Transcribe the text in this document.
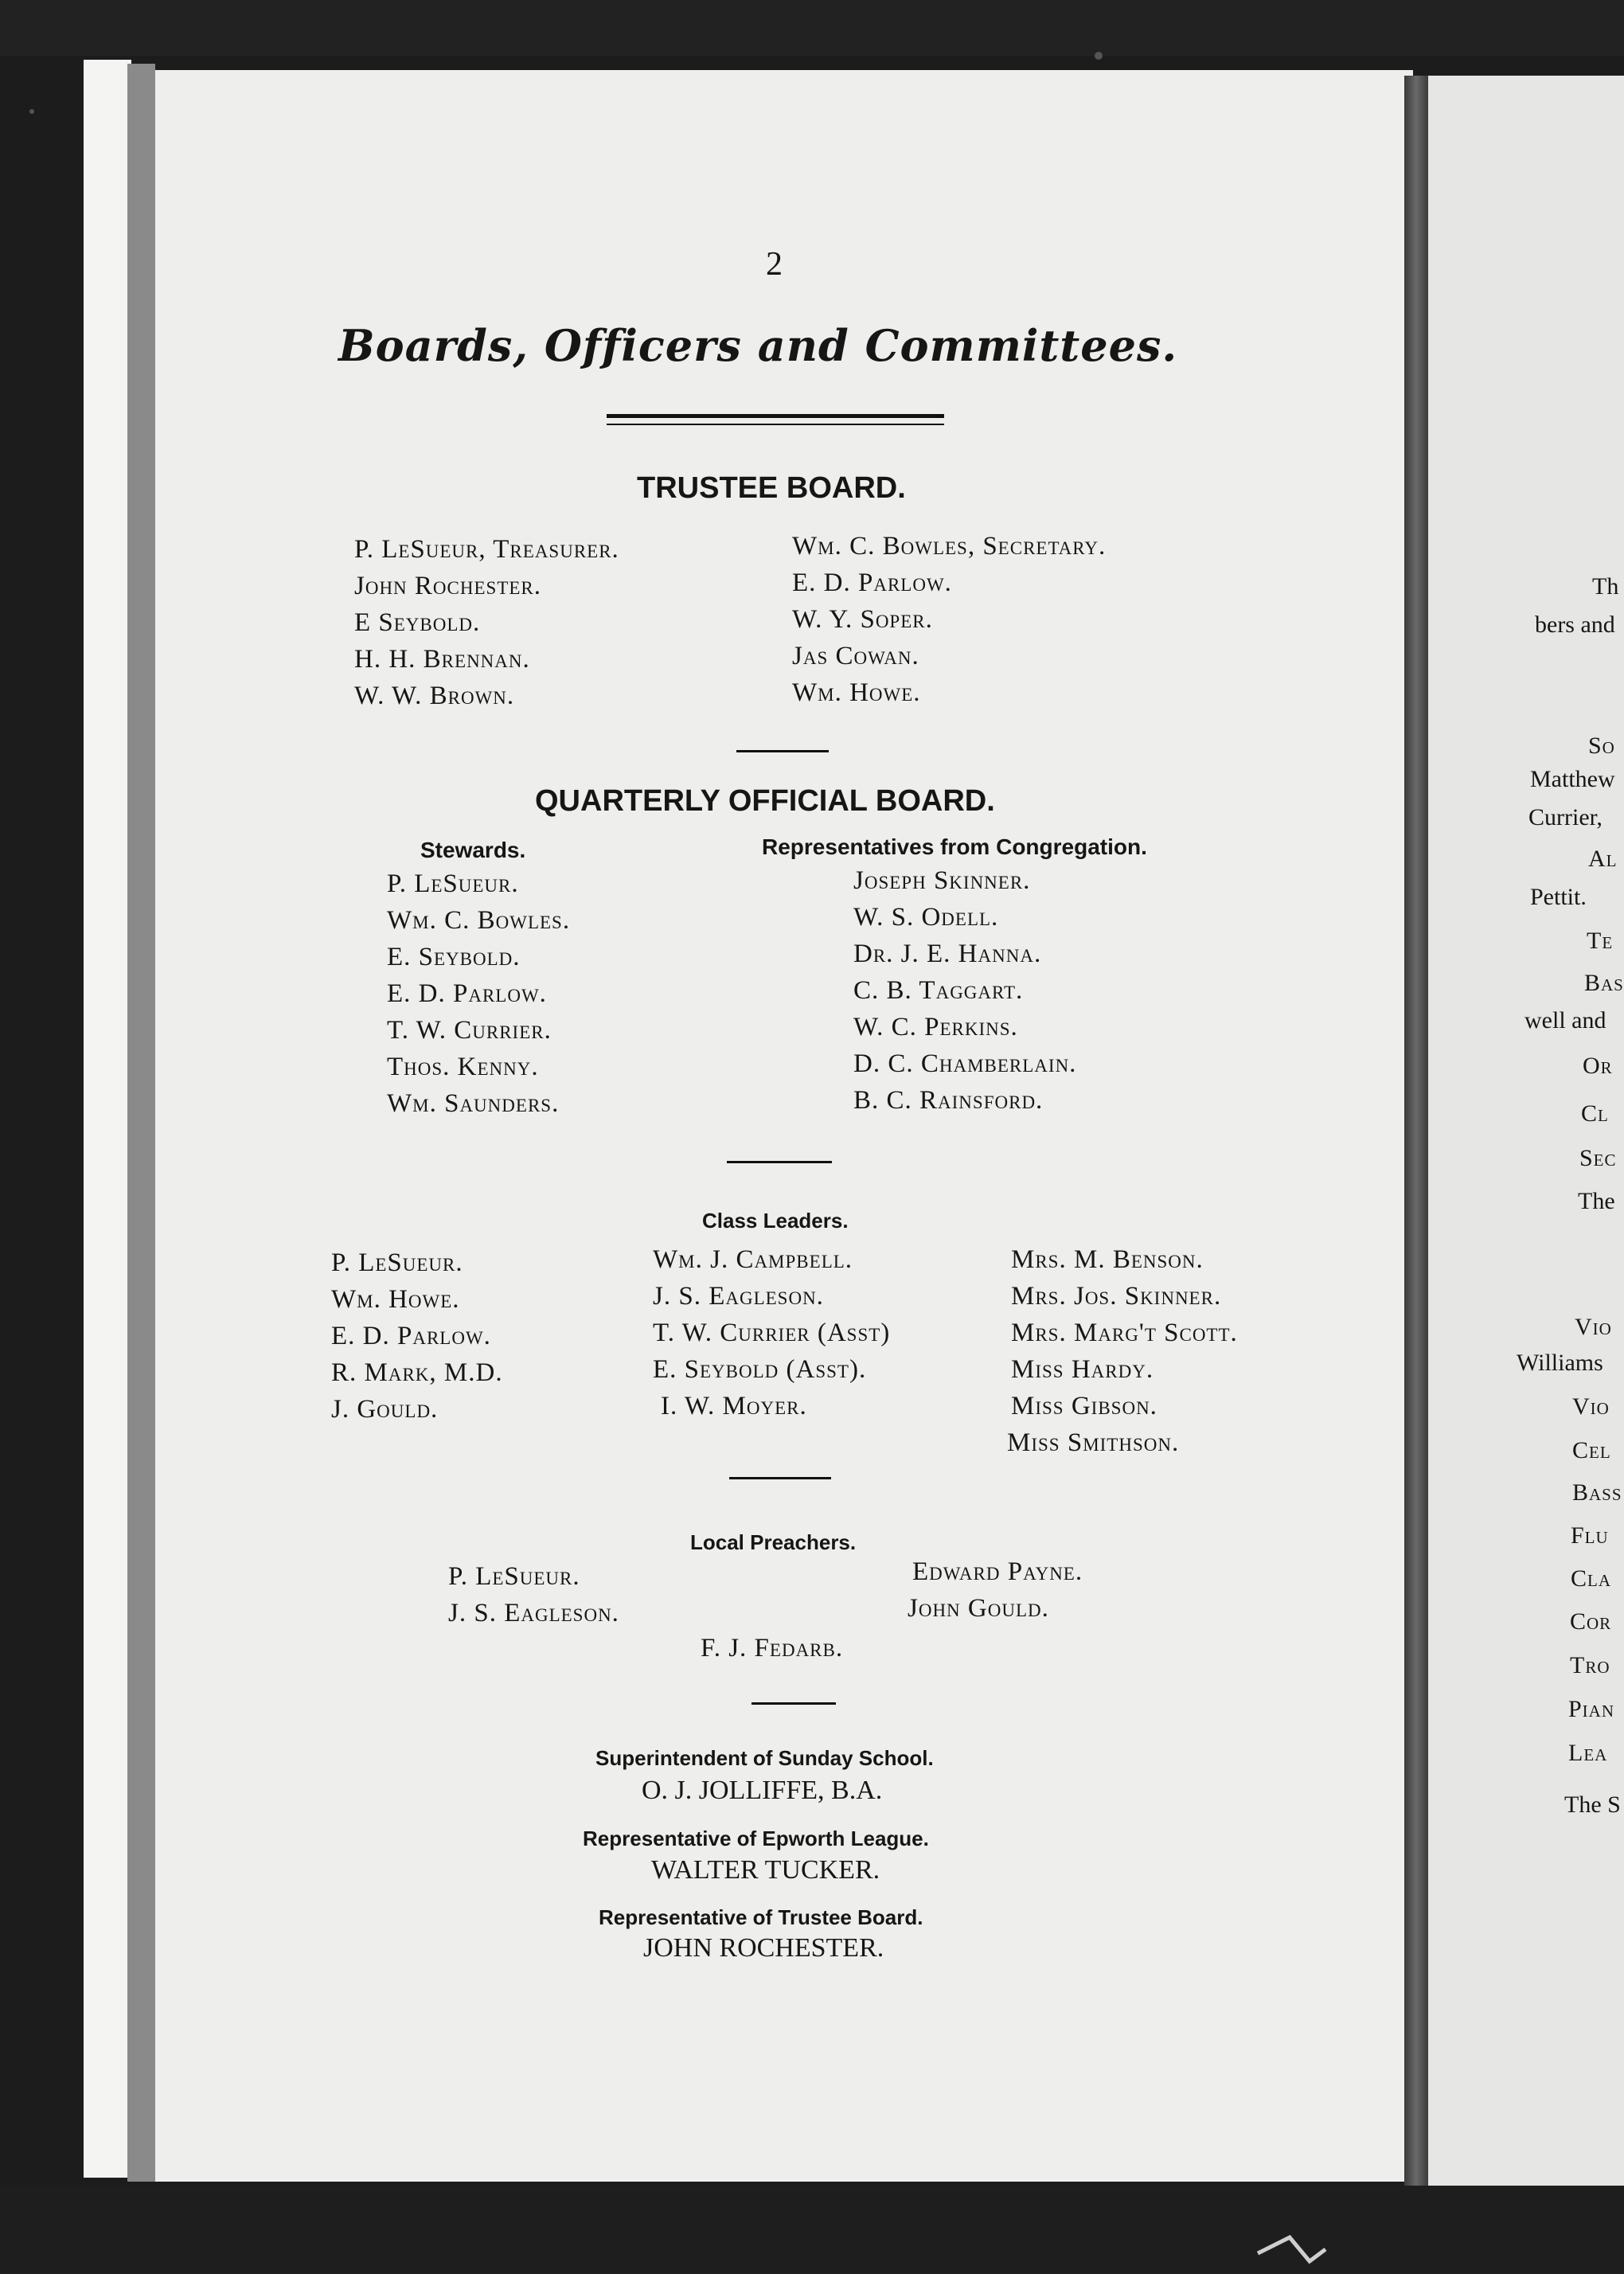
Th
bers and
So
Matthew
Currier,
Al
Pettit.
Te
Bas
well and
Or
Cl
Sec
The
Vio
Williams
Vio
Cel
Bass
Flu
Cla
Cor
Tro
Pian
Lea
The S
2
Boards, Officers and Committees.
TRUSTEE BOARD.
P. LeSueur, Treasurer.
John Rochester.
E Seybold.
H. H. Brennan.
W. W. Brown.
Wm. C. Bowles, Secretary.
E. D. Parlow.
W. Y. Soper.
Jas Cowan.
Wm. Howe.
QUARTERLY OFFICIAL BOARD.
Stewards.	Representatives from Congregation.
P. LeSueur.
Wm. C. Bowles.
E. Seybold.
E. D. Parlow.
T. W. Currier.
Thos. Kenny.
Wm. Saunders.
Joseph Skinner.
W. S. Odell.
Dr. J. E. Hanna.
C. B. Taggart.
W. C. Perkins.
D. C. Chamberlain.
B. C. Rainsford.
Class Leaders.
P. LeSueur.
Wm. Howe.
E. D. Parlow.
R. Mark, M.D.
J. Gould.
Wm. J. Campbell.
J. S. Eagleson.
T. W. Currier (Asst)
E. Seybold (Asst).
I. W. Moyer.
Mrs. M. Benson.
Mrs. Jos. Skinner.
Mrs. Marg't Scott.
Miss Hardy.
Miss Gibson.
Miss Smithson.
Local Preachers.
P. LeSueur.
J. S. Eagleson.
Edward Payne.
John Gould.
F. J. Fedarb.
Superintendent of Sunday School.
O. J. JOLLIFFE, B.A.
Representative of Epworth League.
WALTER TUCKER.
Representative of Trustee Board.
JOHN ROCHESTER.
